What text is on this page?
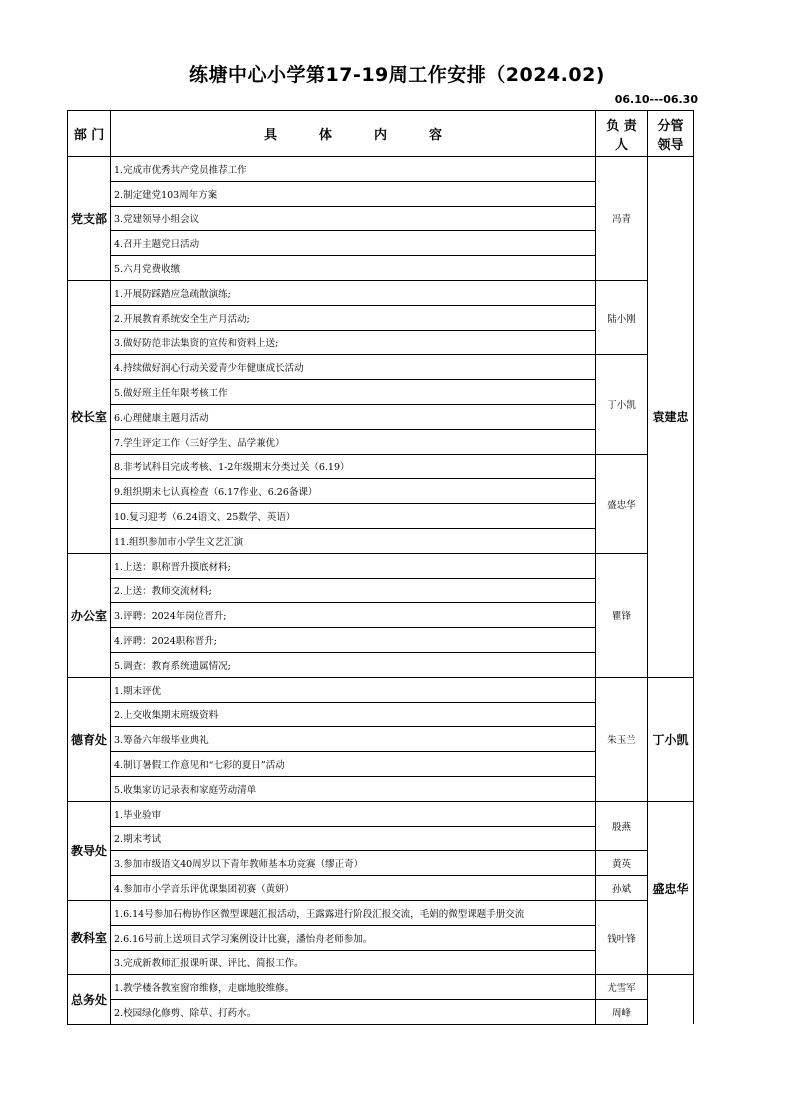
练塘中心小学第17-19周工作安排（2024.02)
06.10---06.30
部 门	具体内容	负 责人	分管领导
党支部	1.完成市优秀共产党员推荐工作	冯青	袁建忠
	2.制定建党103周年方案		
	3.党建领导小组会议		
	4.召开主题党日活动		
	5.六月党费收缴		
校长室	1.开展防踩踏应急疏散演练;	陆小刚	
	2.开展教育系统安全生产月活动;		
	3.做好防范非法集资的宣传和资料上送;		
	4.持续做好润心行动关爱青少年健康成长活动	丁小凯	
	5.做好班主任年限考核工作		
	6.心理健康主题月活动		
	7.学生评定工作（三好学生、品学兼优）		
	8.非考试科目完成考核、1-2年级期末分类过关（6.19）	盛忠华	
	9.组织期末七认真检查（6.17作业、6.26备课）		
	10.复习迎考（6.24语文、25数学、英语）		
	11.组织参加市小学生文艺汇演		
办公室	1.上送：职称晋升摸底材料;	瞿锋	
	2.上送：教师交流材料;		
	3.评聘：2024年岗位晋升;		
	4.评聘：2024职称晋升;		
	5.调查：教育系统遗属情况;		
德育处	1.期末评优	朱玉兰	丁小凯
	2.上交收集期末班级资料		
	3.筹备六年级毕业典礼		
	4.制订暑假工作意见和“七彩的夏日”活动		
	5.收集家访记录表和家庭劳动清单		
教导处	1.毕业验审	殷燕	盛忠华
	2.期末考试		
	3.参加市级语文40周岁以下青年教师基本功竞赛（缪正奇）	黄英	
	4.参加市小学音乐评优课集团初赛（黄妍）	孙斌	
教科室	1.6.14号参加石梅协作区微型课题汇报活动，王露露进行阶段汇报交流，毛娟的微型课题手册交流	钱叶锋	
	2.6.16号前上送项目式学习案例设计比赛，潘怡舟老师参加。		
	3.完成新教师汇报课听课、评比、简报工作。		
总务处	1.教学楼各教室窗帘维修，走廊地胶维修。	尤雪军	
	2.校园绿化修剪、除草、打药水。	周峰	
